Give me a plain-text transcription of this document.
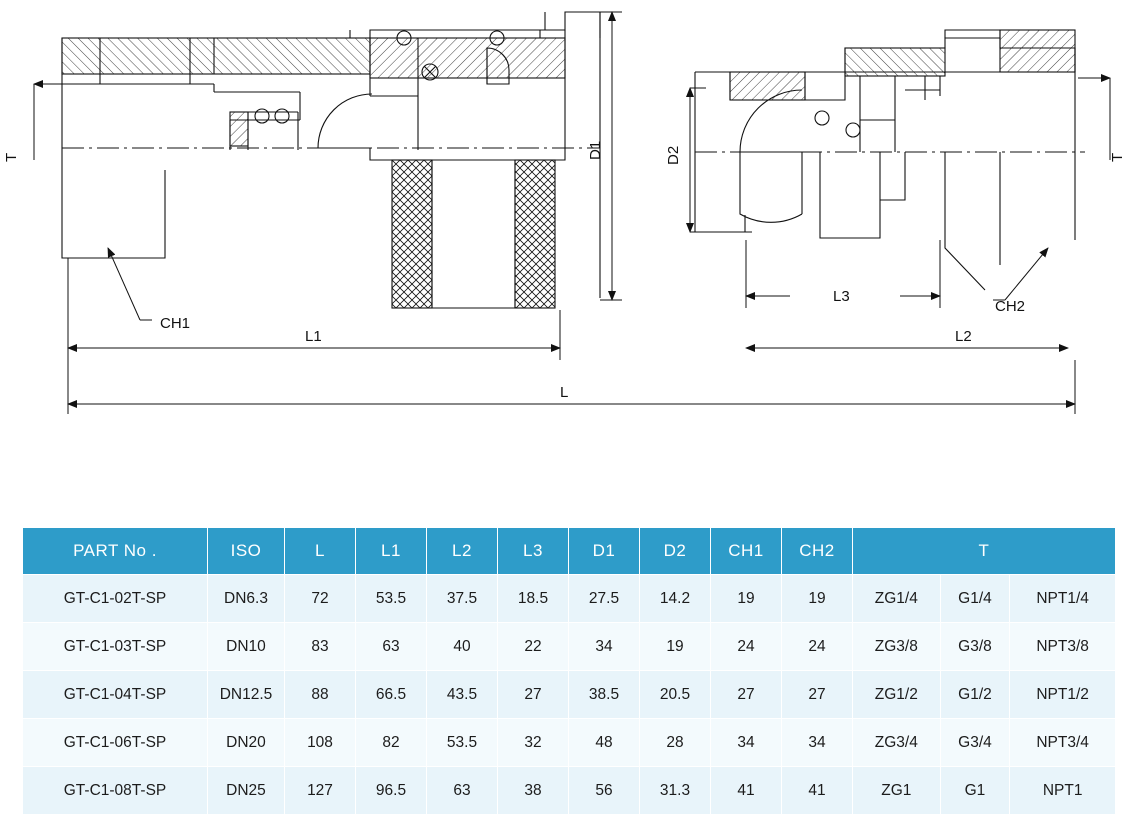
T	D1
CH1
L1
L
D2	T
L3
CH2
L2
PART No .	ISO	L	L1	L2	L3	D1	D2	CH1	CH2	T		
GT-C1-02T-SP	DN6.3	72	53.5	37.5	18.5	27.5	14.2	19	19	ZG1/4	G1/4	NPT1/4
GT-C1-03T-SP	DN10	83	63	40	22	34	19	24	24	ZG3/8	G3/8	NPT3/8
GT-C1-04T-SP	DN12.5	88	66.5	43.5	27	38.5	20.5	27	27	ZG1/2	G1/2	NPT1/2
GT-C1-06T-SP	DN20	108	82	53.5	32	48	28	34	34	ZG3/4	G3/4	NPT3/4
GT-C1-08T-SP	DN25	127	96.5	63	38	56	31.3	41	41	ZG1	G1	NPT1
